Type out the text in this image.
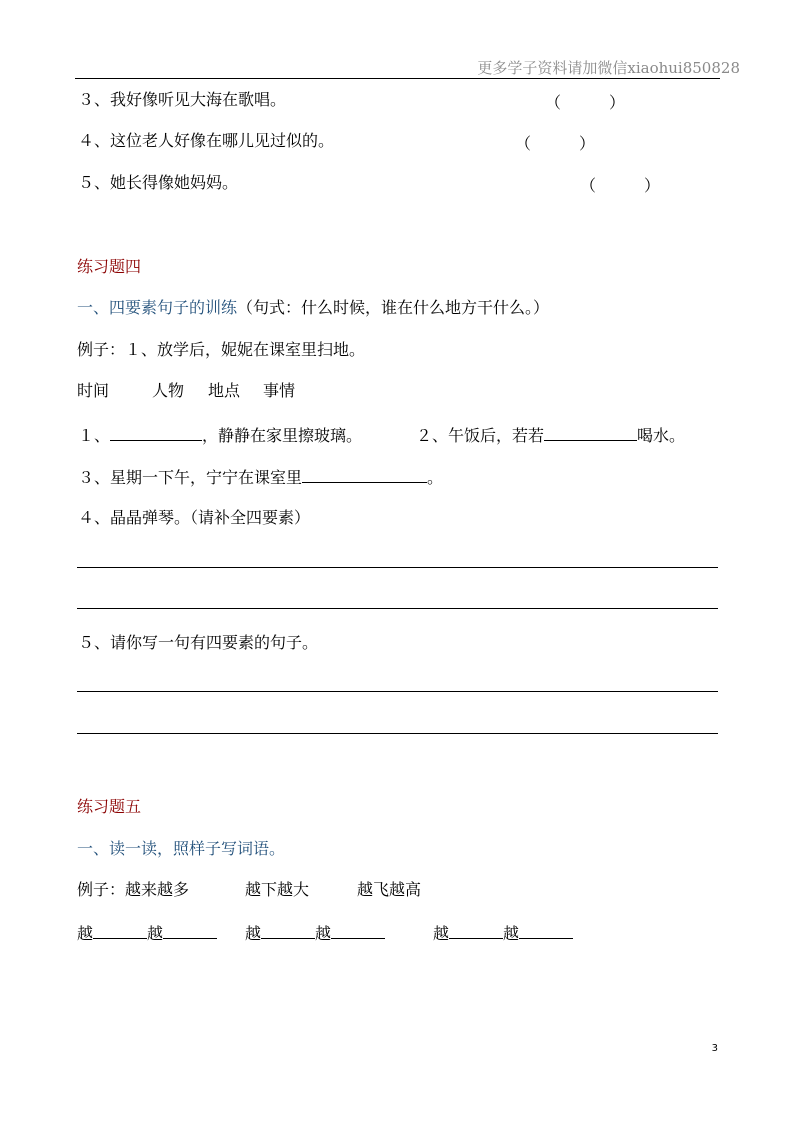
更多学子资料请加微信xiaohui850828
３、我好像听见大海在歌唱。	（　　　）
４、这位老人好像在哪儿见过似的。	（　　　）
５、她长得像她妈妈。	（　　　）
练习题四
一、四要素句子的训练（句式：什么时候，谁在什么地方干什么。）
例子：１、放学后，妮妮在课室里扫地。
时间	人物 地点 事情
１、	，静静在家里擦玻璃。	２、午饭后，若若	喝水。
３、星期一下午，宁宁在课室里	。
４、晶晶弹琴。（请补全四要素）
５、请你写一句有四要素的句子。
练习题五
一、读一读，照样子写词语。
例子： 越来越多	越下越大	越飞越高
越	越	越	越	越	越
3
